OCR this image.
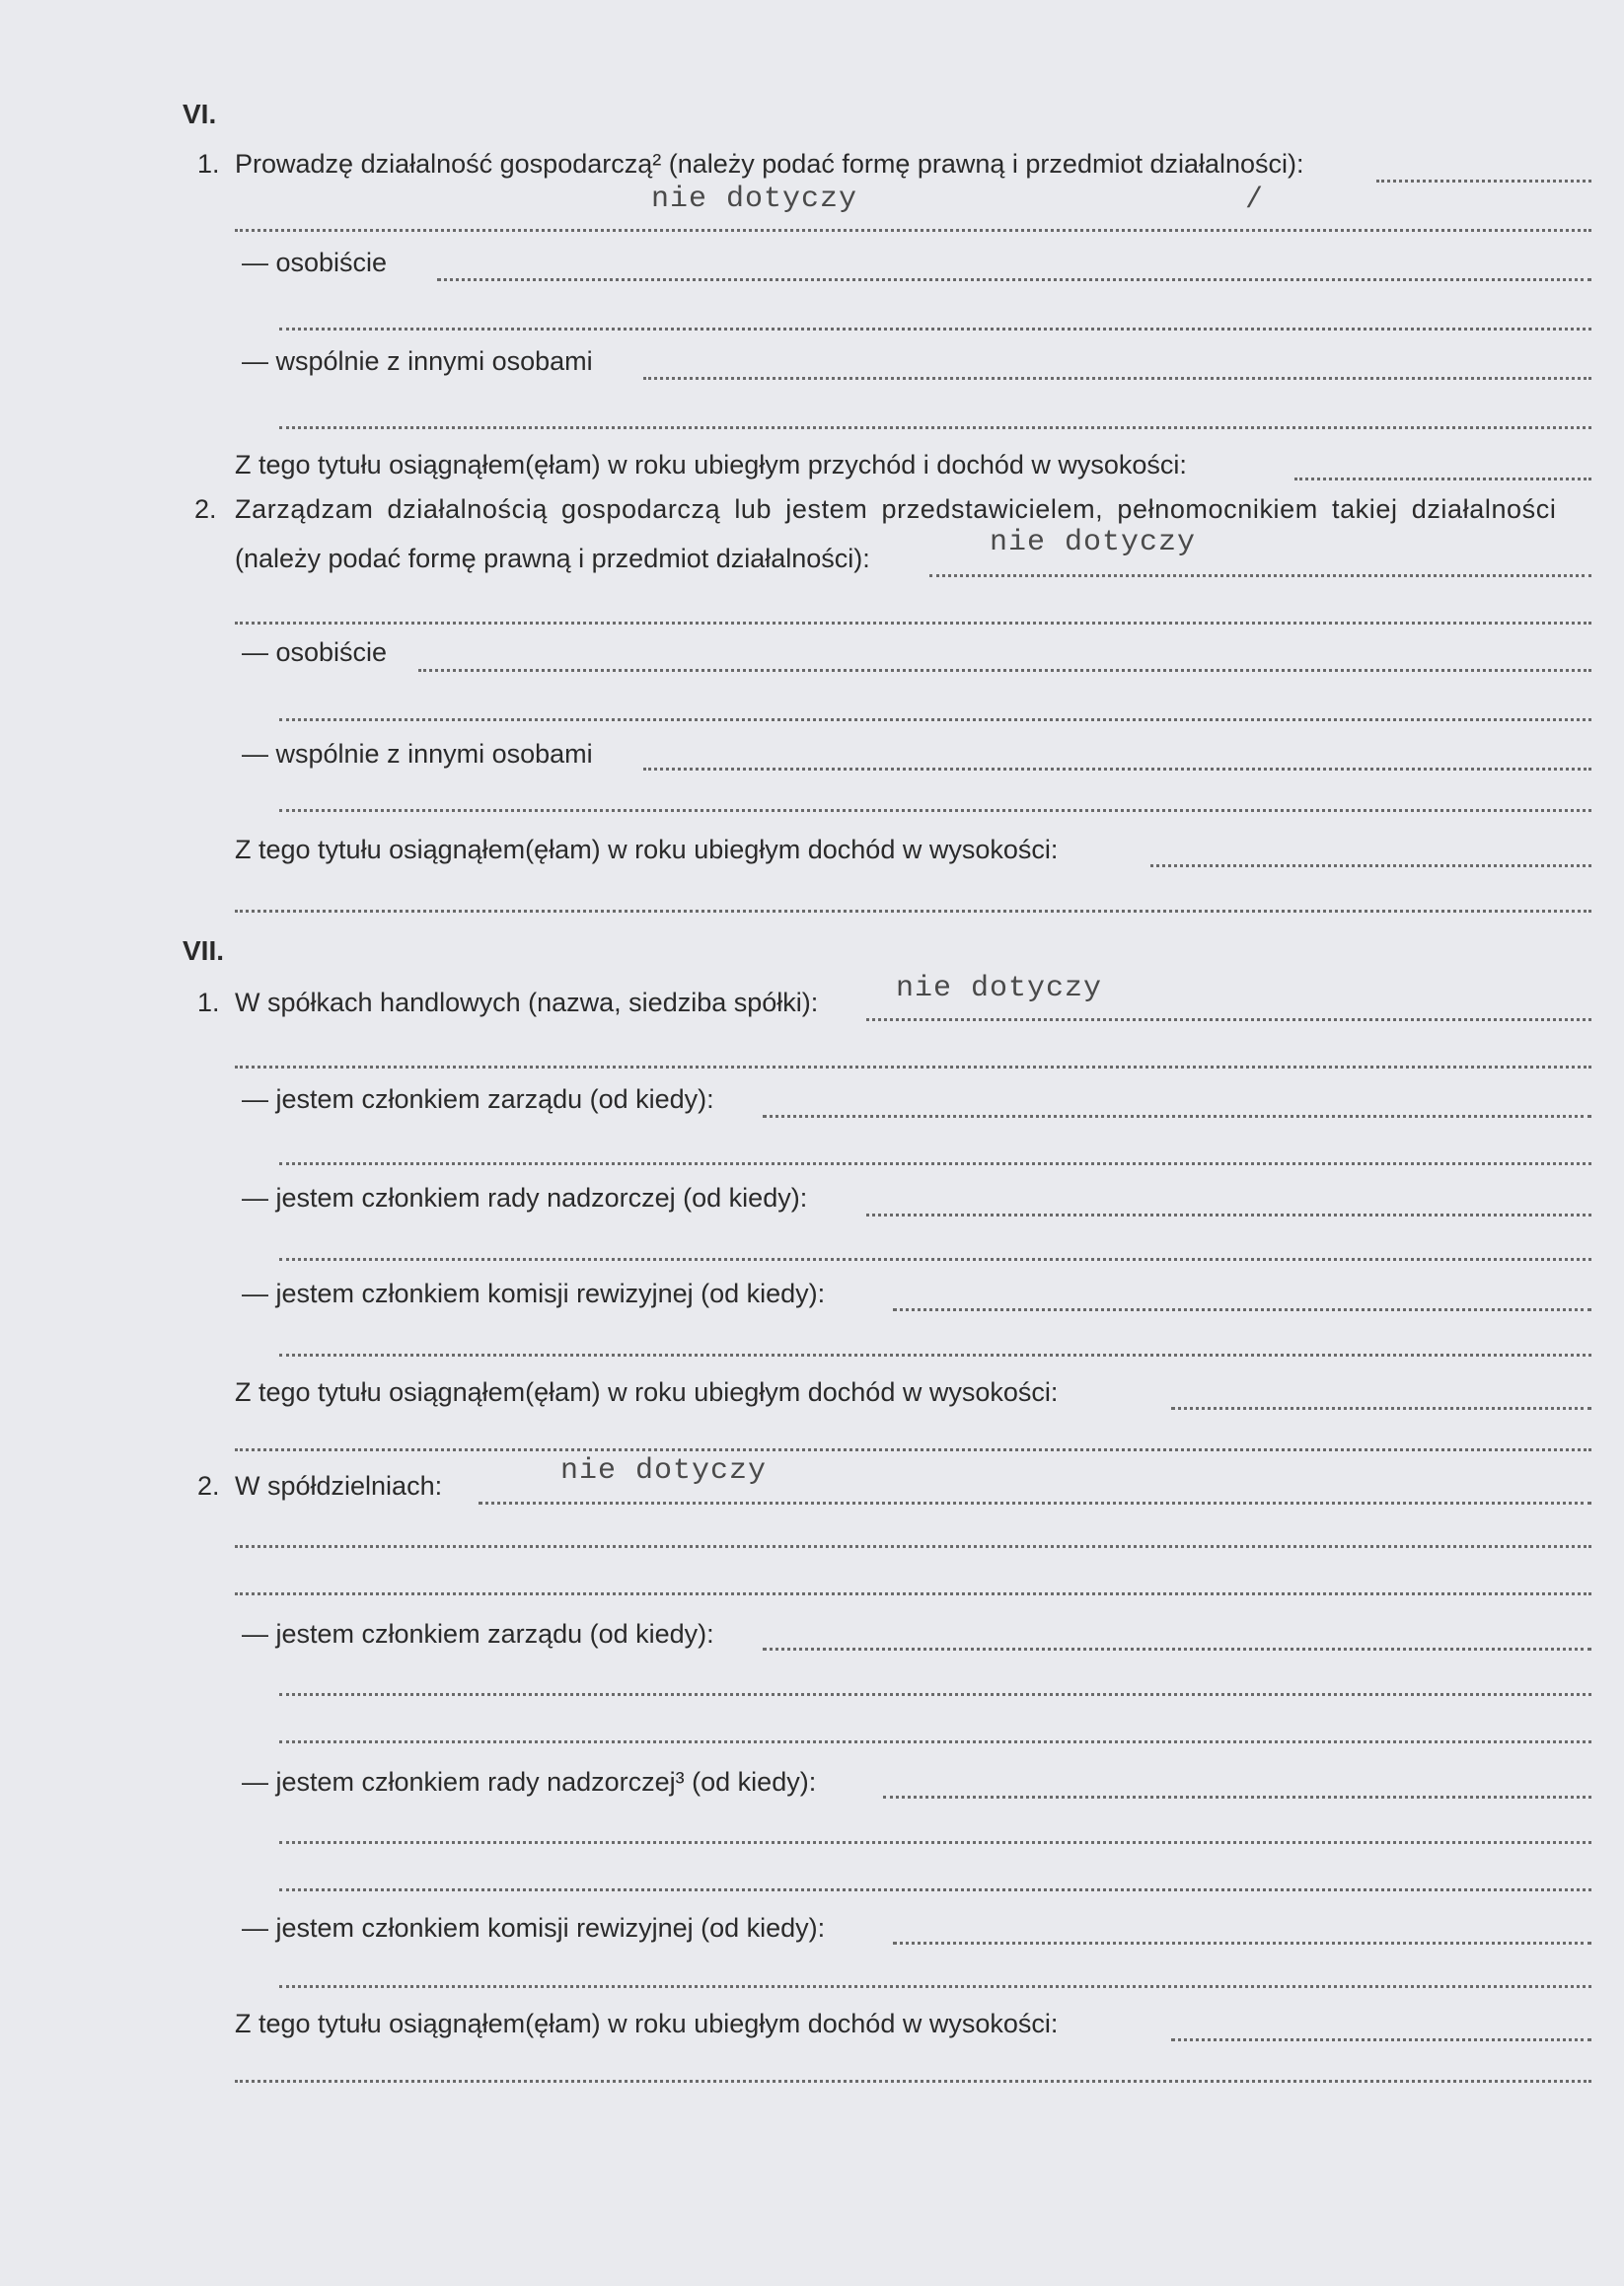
VI.
1. Prowadzę działalność gospodarczą² (należy podać formę prawną i przedmiot działalności):
nie dotyczy	/
— osobiście
— wspólnie z innymi osobami
Z tego tytułu osiągnąłem(ęłam) w roku ubiegłym przychód i dochód w wysokości:
2. Zarządzam działalnością gospodarczą lub jestem przedstawicielem, pełnomocnikiem takiej działalności
(należy podać formę prawną i przedmiot działalności):	nie dotyczy
— osobiście
— wspólnie z innymi osobami
Z tego tytułu osiągnąłem(ęłam) w roku ubiegłym dochód w wysokości:
VII.
1. W spółkach handlowych (nazwa, siedziba spółki):	nie dotyczy
— jestem członkiem zarządu (od kiedy):
— jestem członkiem rady nadzorczej (od kiedy):
— jestem członkiem komisji rewizyjnej (od kiedy):
Z tego tytułu osiągnąłem(ęłam) w roku ubiegłym dochód w wysokości:
2. W spółdzielniach:	nie dotyczy
— jestem członkiem zarządu (od kiedy):
— jestem członkiem rady nadzorczej³ (od kiedy):
— jestem członkiem komisji rewizyjnej (od kiedy):
Z tego tytułu osiągnąłem(ęłam) w roku ubiegłym dochód w wysokości:
